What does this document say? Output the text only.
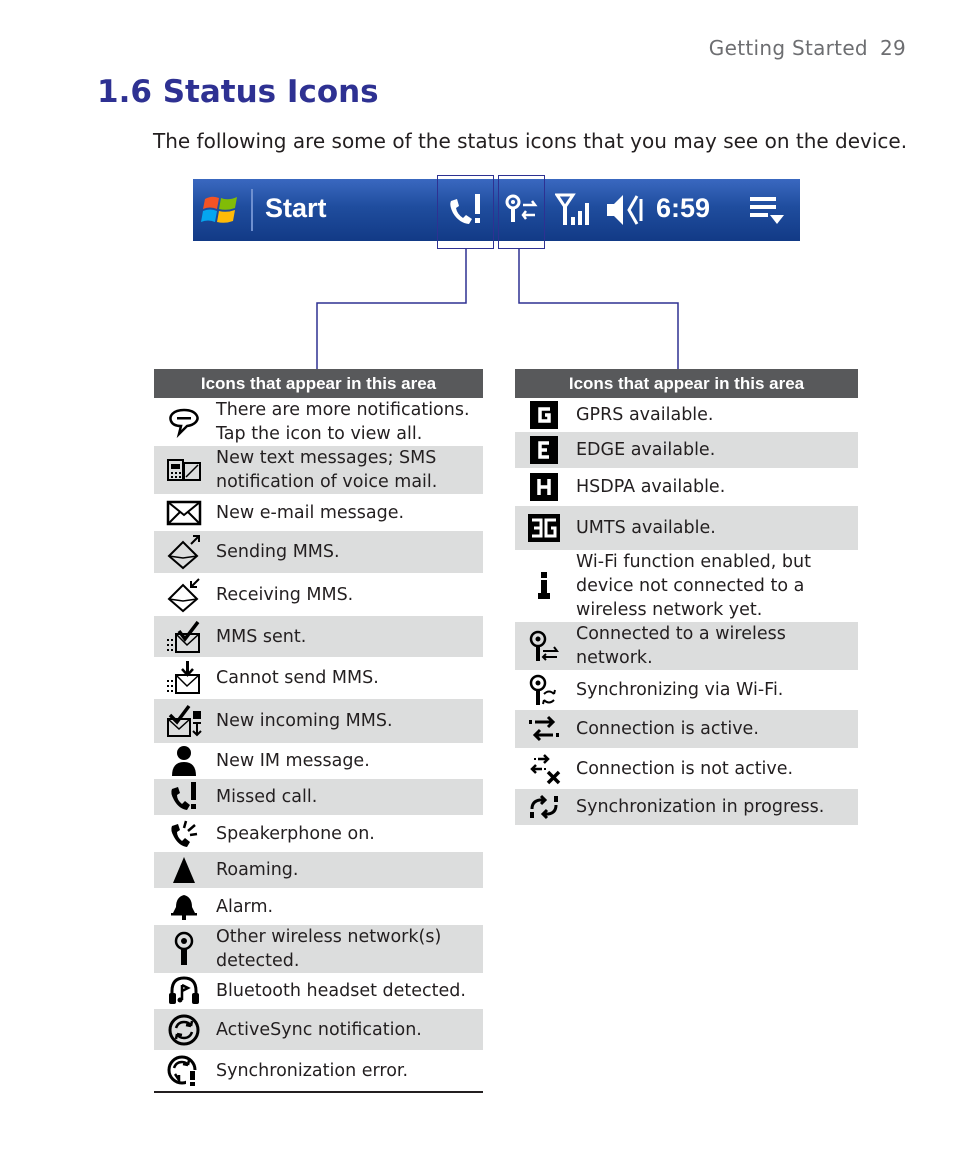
Getting Started 29
1.6 Status Icons

The following are some of the status icons that you may see on the device.

Start	6:59
Icons that appear in this area	

	There are more notifications. Tap the icon to view all.

	New text messages; SMS notification of voice mail.

	New e-mail message.

	Sending MMS.

	Receiving MMS.

	MMS sent.

	Cannot send MMS.

	New incoming MMS.

	New IM message.

	Missed call.

	Speakerphone on.

	Roaming.

	Alarm.

	Other wireless network(s) detected.

	Bluetooth headset detected.

	ActiveSync notification.

	Synchronization error.
Icons that appear in this area	

	GPRS available.

	EDGE available.

	HSDPA available.

	UMTS available.

	Wi-Fi function enabled, but device not connected to a wireless network yet.

	Connected to a wireless network.

	Synchronizing via Wi-Fi.

	Connection is active.

	Connection is not active.

	Synchronization in progress.
